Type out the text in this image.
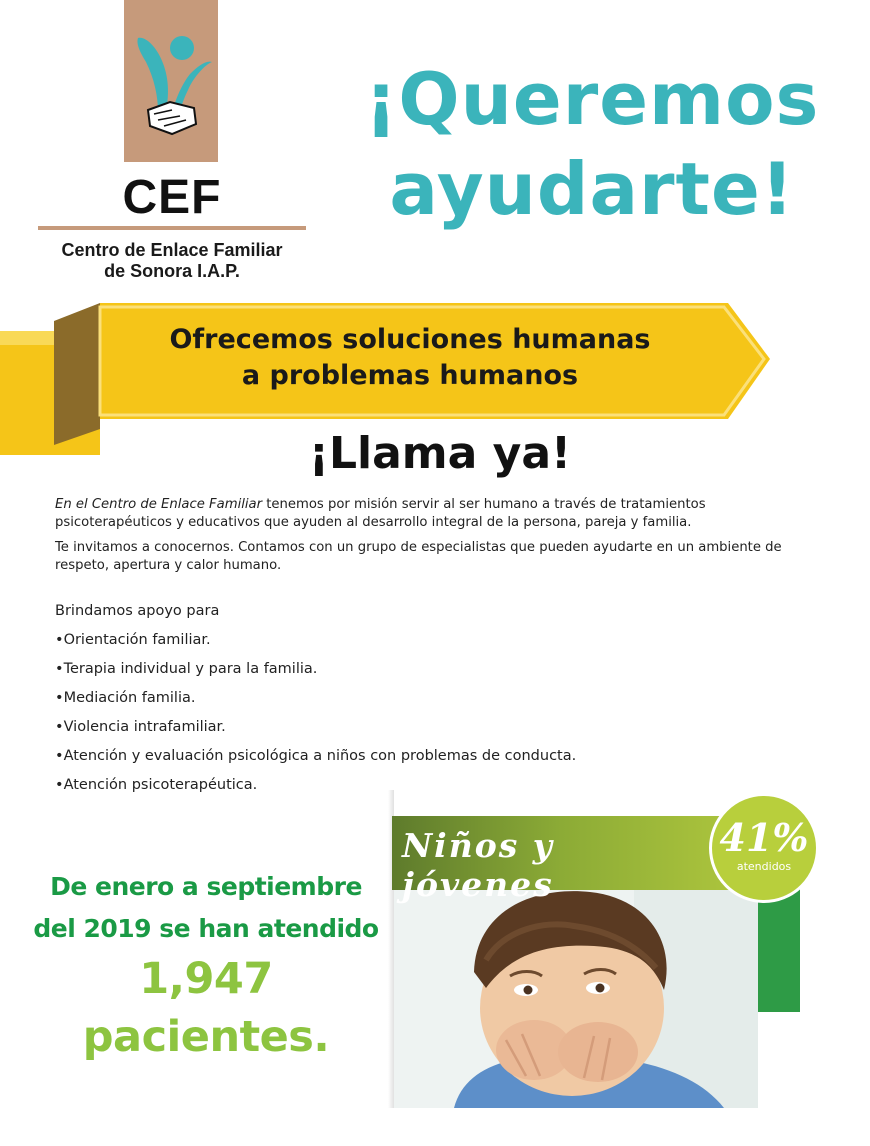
CEF
Centro de Enlace Familiar
de Sonora I.A.P.
¡Queremos
ayudarte!
Ofrecemos soluciones humanas
a problemas humanos
¡Llama ya!

En el Centro de Enlace Familiar tenemos por misión servir al ser humano a través de tratamientos psicoterapéuticos y educativos que ayuden al desarrollo integral de la persona, pareja y familia.

Te invitamos a conocernos. Contamos con un grupo de especialistas que pueden ayudarte en un ambiente de respeto, apertura y calor humano.

Brindamos apoyo para
• Orientación familiar.
• Terapia individual y para la familia.
• Mediación familia.
• Violencia intrafamiliar.
• Atención y evaluación psicológica a niños con problemas de conducta.
• Atención psicoterapéutica.
De enero a septiembre
del 2019 se han atendido
1,947 pacientes.
Niños y jóvenes
41%
atendidos
